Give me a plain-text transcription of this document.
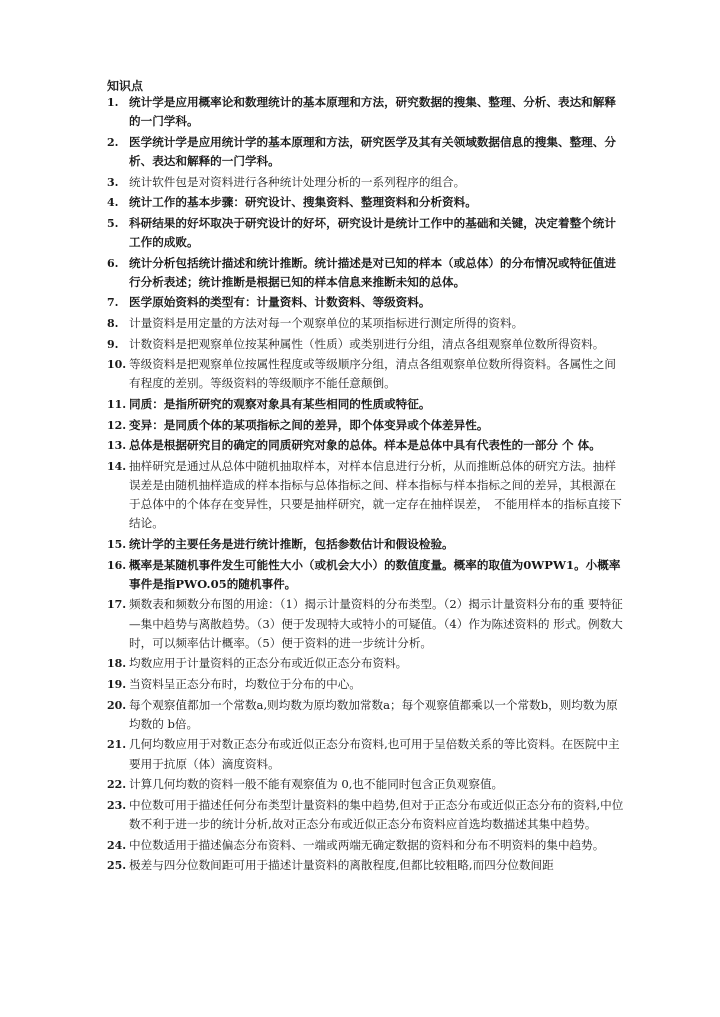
知识点
1. 统计学是应用概率论和数理统计的基本原理和方法，研究数据的搜集、整理、分析、表达和解释的一门学科。
2. 医学统计学是应用统计学的基本原理和方法，研究医学及其有关领域数据信息的搜集、整理、分析、表达和解释的一门学科。
3. 统计软件包是对资料进行各种统计处理分析的一系列程序的组合。
4. 统计工作的基本步骤：研究设计、搜集资料、整理资料和分析资料。
5. 科研结果的好坏取决于研究设计的好坏，研究设计是统计工作中的基础和关键，决定着整个统计工作的成败。
6. 统计分析包括统计描述和统计推断。统计描述是对已知的样本（或总体）的分布情况或特征值进行分析表述；统计推断是根据已知的样本信息来推断未知的总体。
7. 医学原始资料的类型有：计量资料、计数资料、等级资料。
8. 计量资料是用定量的方法对每一个观察单位的某项指标进行测定所得的资料。
9. 计数资料是把观察单位按某种属性（性质）或类别进行分组，清点各组观察单位数所得资料。
10. 等级资料是把观察单位按属性程度或等级顺序分组，清点各组观察单位数所得资料。各属性之间有程度的差别。等级资料的等级顺序不能任意颠倒。
11. 同质：是指所研究的观察对象具有某些相同的性质或特征。
12. 变异：是同质个体的某项指标之间的差异，即个体变异或个体差异性。
13. 总体是根据研究目的确定的同质研究对象的总体。样本是总体中具有代表性的一部分 个 体。
14. 抽样研究是通过从总体中随机抽取样本，对样本信息进行分析，从而推断总体的研究方法。抽样误差是由随机抽样造成的样本指标与总体指标之间、样本指标与样本指标之间的差异，其根源在于总体中的个体存在变异性，只要是抽样研究，就一定存在抽样误差，　不能用样本的指标直接下结论。
15. 统计学的主要任务是进行统计推断，包括参数估计和假设检验。
16. 概率是某随机事件发生可能性大小（或机会大小）的数值度量。概率的取值为0WPW1。小概率事件是指PWO.05的随机事件。
17. 频数表和频数分布图的用途：（1）揭示计量资料的分布类型。（2）揭示计量资料分布的重 要特征—集中趋势与离散趋势。（3）便于发现特大或特小的可疑值。（4）作为陈述资料的 形式。例数大时，可以频率估计概率。（5）便于资料的进一步统计分析。
18. 均数应用于计量资料的正态分布或近似正态分布资料。
19. 当资料呈正态分布时，均数位于分布的中心。
20. 每个观察值都加一个常数a,则均数为原均数加常数a；每个观察值都乘以一个常数b，则均数为原均数的 b倍。
21. 几何均数应用于对数正态分布或近似正态分布资料,也可用于呈倍数关系的等比资料。在医院中主要用于抗原（体）滴度资料。
22. 计算几何均数的资料一般不能有观察值为 0,也不能同时包含正负观察值。
23. 中位数可用于描述任何分布类型计量资料的集中趋势,但对于正态分布或近似正态分布的资料,中位数不利于进一步的统计分析,故对正态分布或近似正态分布资料应首选均数描述其集中趋势。
24. 中位数适用于描述偏态分布资料、一端或两端无确定数据的资料和分布不明资料的集中趋势。
25. 极差与四分位数间距可用于描述计量资料的离散程度,但都比较粗略,而四分位数间距
